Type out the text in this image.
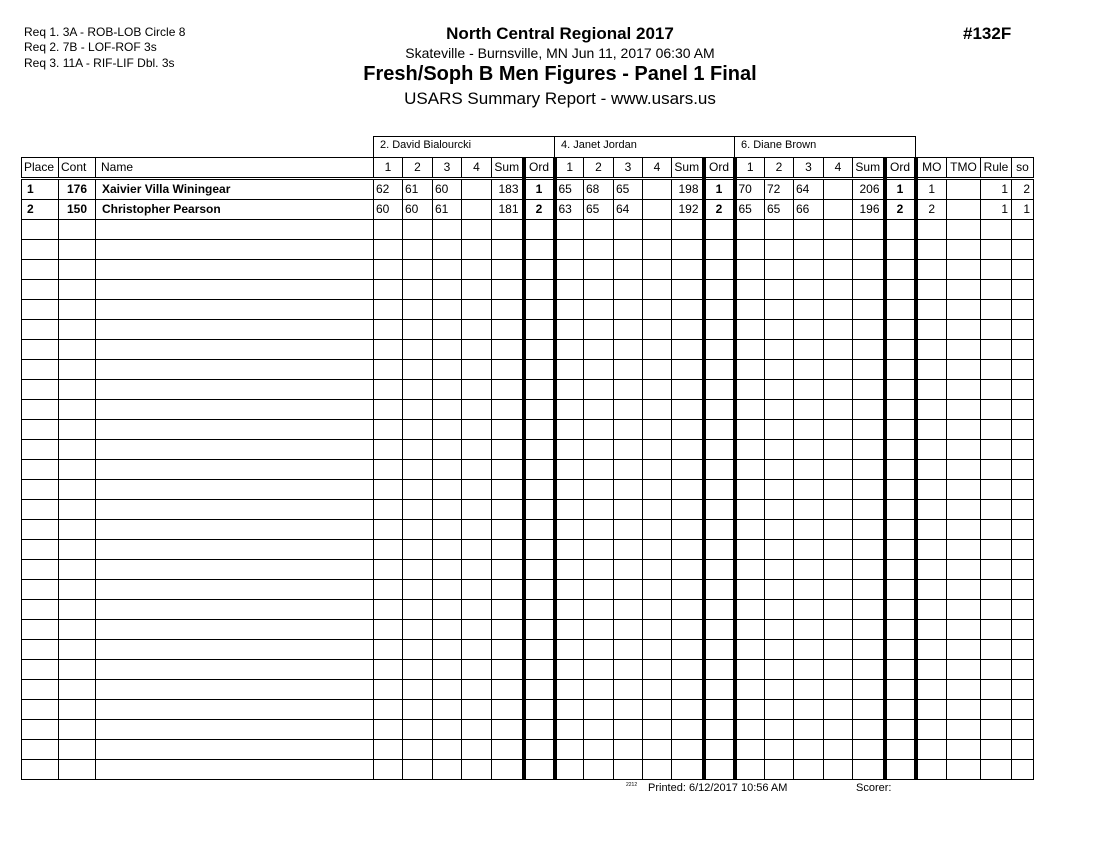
Req 1. 3A - ROB-LOB Circle 8
Req 2. 7B - LOF-ROF 3s
Req 3. 11A - RIF-LIF Dbl. 3s
North Central Regional 2017
Skateville - Burnsville, MN Jun 11, 2017 06:30 AM
Fresh/Soph B Men Figures - Panel 1 Final
USARS Summary Report - www.usars.us
#132F
2. David Bialourcki	4. Janet Jordan	6. Diane Brown
Place	Cont	Name	1	2	3	4	Sum	Ord	1	2	3	4	Sum	Ord	1	2	3	4	Sum	Ord	MO	TMO	Rule	so
1	176	Xaivier Villa Winingear	62	61	60		183	1	65	68	65		198	1	70	72	64		206	1	1		1	2
2	150	Christopher Pearson	60	60	61		181	2	63	65	64		192	2	65	65	66		196	2	2		1	1

2212 Printed: 6/12/2017 10:56 AM	Scorer:
